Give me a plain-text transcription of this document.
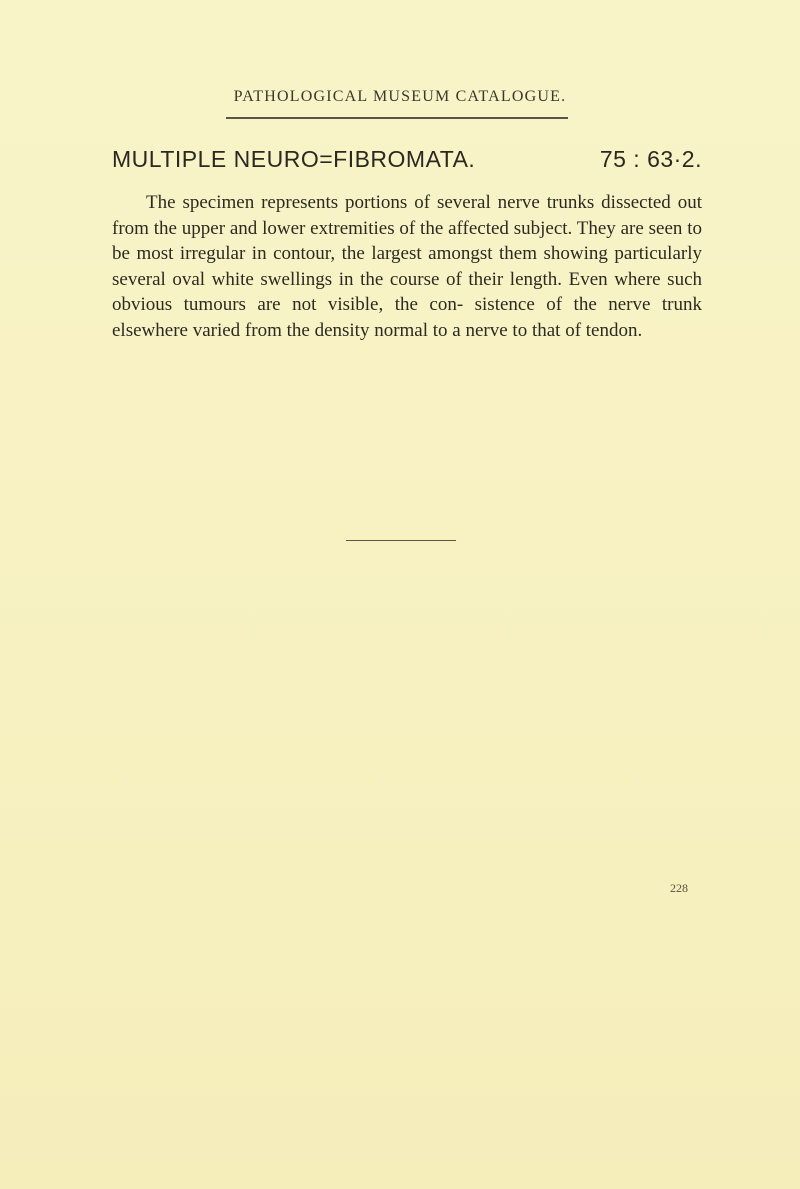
PATHOLOGICAL MUSEUM CATALOGUE.
MULTIPLE NEURO=FIBROMATA.	75 : 63·2.

The specimen represents portions of several nerve trunks dissected out from the upper and lower extremities of the affected subject. They are seen to be most irregular in contour, the largest amongst them showing particularly several oval white swellings in the course of their length. Even where such obvious tumours are not visible, the con- sistence of the nerve trunk elsewhere varied from the density normal to a nerve to that of tendon.

228
